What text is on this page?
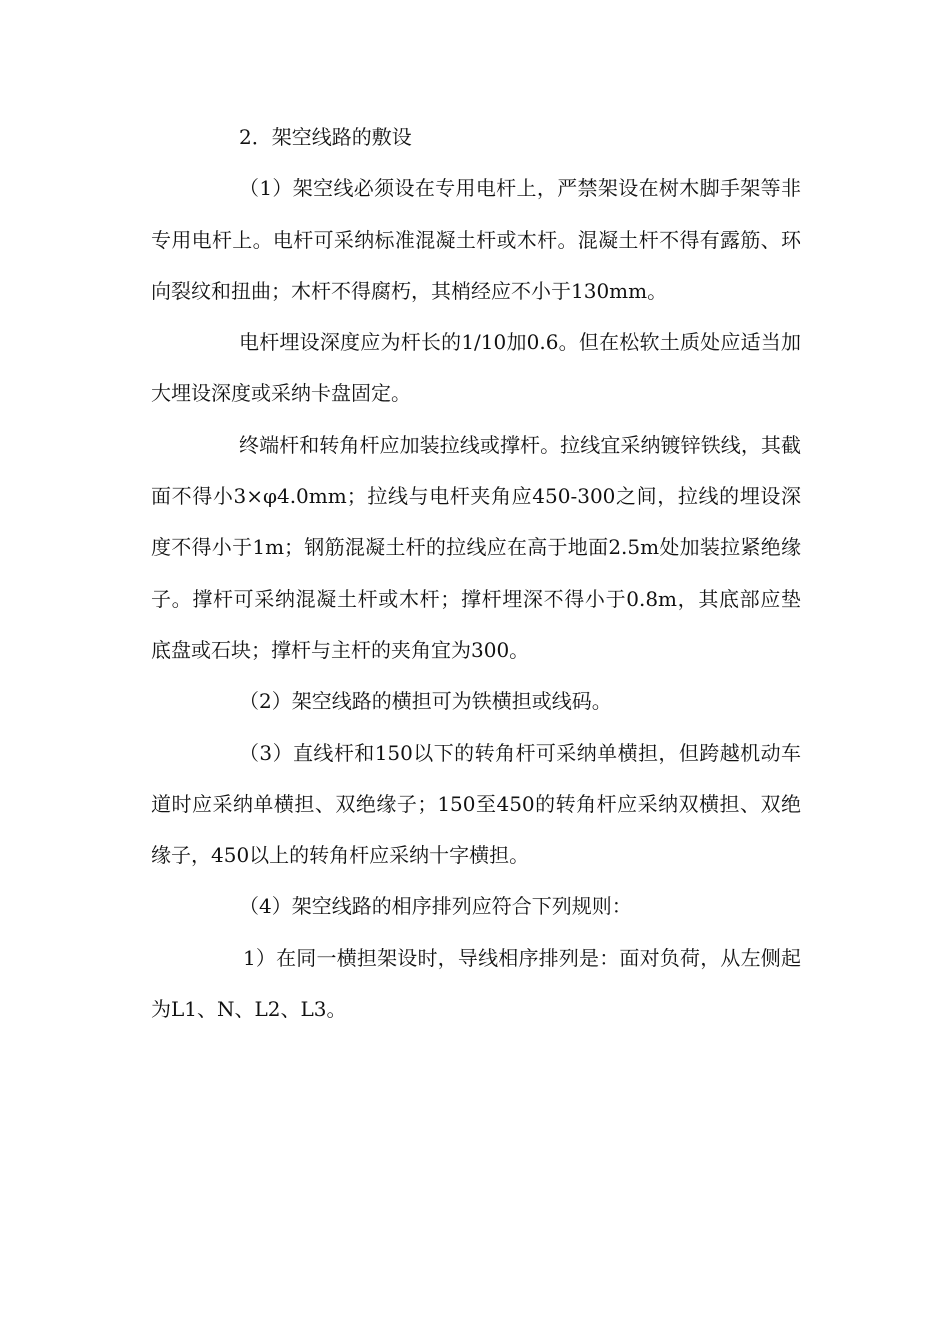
2．架空线路的敷设

（1）架空线必须设在专用电杆上，严禁架设在树木脚手架等非专用电杆上。电杆可采纳标准混凝土杆或木杆。混凝土杆不得有露筋、环向裂纹和扭曲；木杆不得腐朽，其梢经应不小于130mm。

电杆埋设深度应为杆长的1/10加0.6。但在松软土质处应适当加大埋设深度或采纳卡盘固定。

终端杆和转角杆应加装拉线或撑杆。拉线宜采纳镀锌铁线，其截面不得小3×φ4.0mm；拉线与电杆夹角应450-300之间，拉线的埋设深度不得小于1m；钢筋混凝土杆的拉线应在高于地面2.5m处加装拉紧绝缘子。撑杆可采纳混凝土杆或木杆；撑杆埋深不得小于0.8m，其底部应垫底盘或石块；撑杆与主杆的夹角宜为300。

（2）架空线路的横担可为铁横担或线码。

（3）直线杆和150以下的转角杆可采纳单横担，但跨越机动车道时应采纳单横担、双绝缘子；150至450的转角杆应采纳双横担、双绝缘子，450以上的转角杆应采纳十字横担。

（4）架空线路的相序排列应符合下列规则：

1）在同一横担架设时，导线相序排列是：面对负荷，从左侧起为L1、N、L2、L3。
